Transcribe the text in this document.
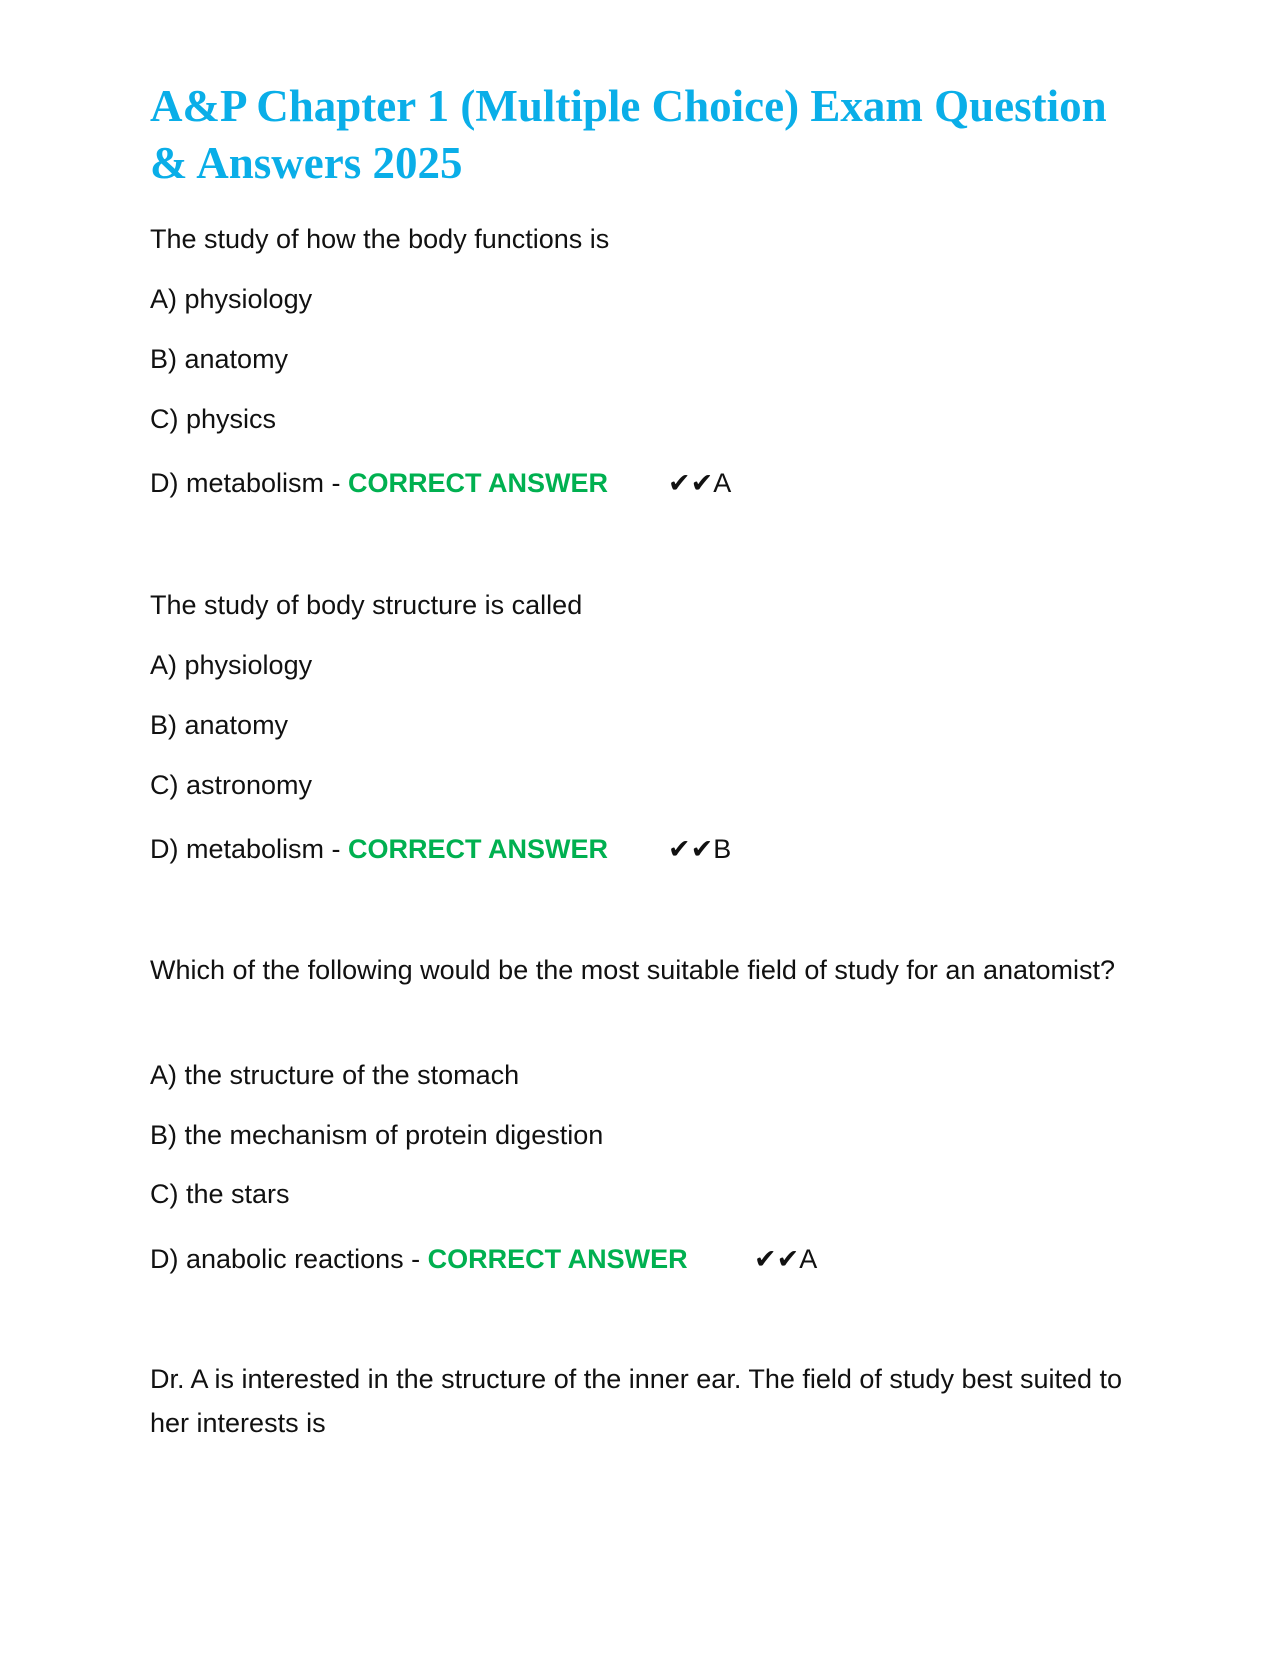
A&P Chapter 1 (Multiple Choice) Exam Question & Answers 2025
The study of how the body functions is
A) physiology
B) anatomy
C) physics
D) metabolism - CORRECT ANSWER ✔✔A
The study of body structure is called
A) physiology
B) anatomy
C) astronomy
D) metabolism - CORRECT ANSWER ✔✔B
Which of the following would be the most suitable field of study for an anatomist?
A) the structure of the stomach
B) the mechanism of protein digestion
C) the stars
D) anabolic reactions - CORRECT ANSWER ✔✔A
Dr. A is interested in the structure of the inner ear. The field of study best suited to her interests is
